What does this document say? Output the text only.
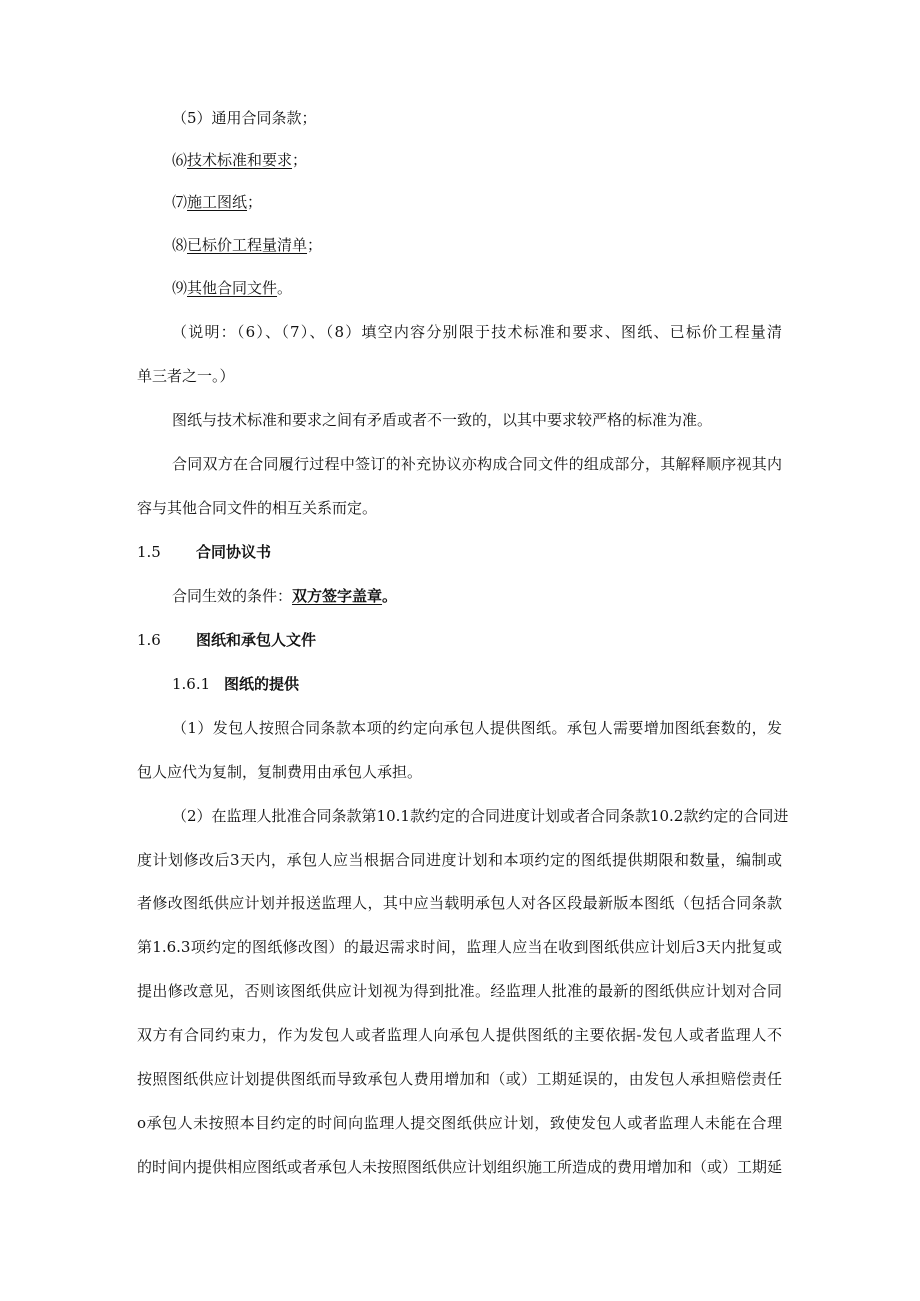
（5）通用合同条款；
⑹技术标准和要求；
⑺施工图纸；
⑻已标价工程量清单；
⑼其他合同文件。
（说明：（6）、（7）、（8）填空内容分别限于技术标准和要求、图纸、已标价工程量清
单三者之一。）
图纸与技术标准和要求之间有矛盾或者不一致的，以其中要求较严格的标准为准。
合同双方在合同履行过程中签订的补充协议亦构成合同文件的组成部分，其解释顺序视其内
容与其他合同文件的相互关系而定。
1.5 合同协议书
合同生效的条件：双方签字盖章。
1.6 图纸和承包人文件
1.6.1 图纸的提供
（1）发包人按照合同条款本项的约定向承包人提供图纸。承包人需要增加图纸套数的，发
包人应代为复制，复制费用由承包人承担。
（2）在监理人批准合同条款第10.1款约定的合同进度计划或者合同条款10.2款约定的合同进
度计划修改后3天内，承包人应当根据合同进度计划和本项约定的图纸提供期限和数量，编制或
者修改图纸供应计划并报送监理人，其中应当载明承包人对各区段最新版本图纸（包括合同条款
第1.6.3项约定的图纸修改图）的最迟需求时间，监理人应当在收到图纸供应计划后3天内批复或
提出修改意见，否则该图纸供应计划视为得到批准。经监理人批准的最新的图纸供应计划对合同
双方有合同约束力，作为发包人或者监理人向承包人提供图纸的主要依据-发包人或者监理人不
按照图纸供应计划提供图纸而导致承包人费用增加和（或）工期延误的，由发包人承担赔偿责任
o承包人未按照本目约定的时间向监理人提交图纸供应计划，致使发包人或者监理人未能在合理
的时间内提供相应图纸或者承包人未按照图纸供应计划组织施工所造成的费用增加和（或）工期延
